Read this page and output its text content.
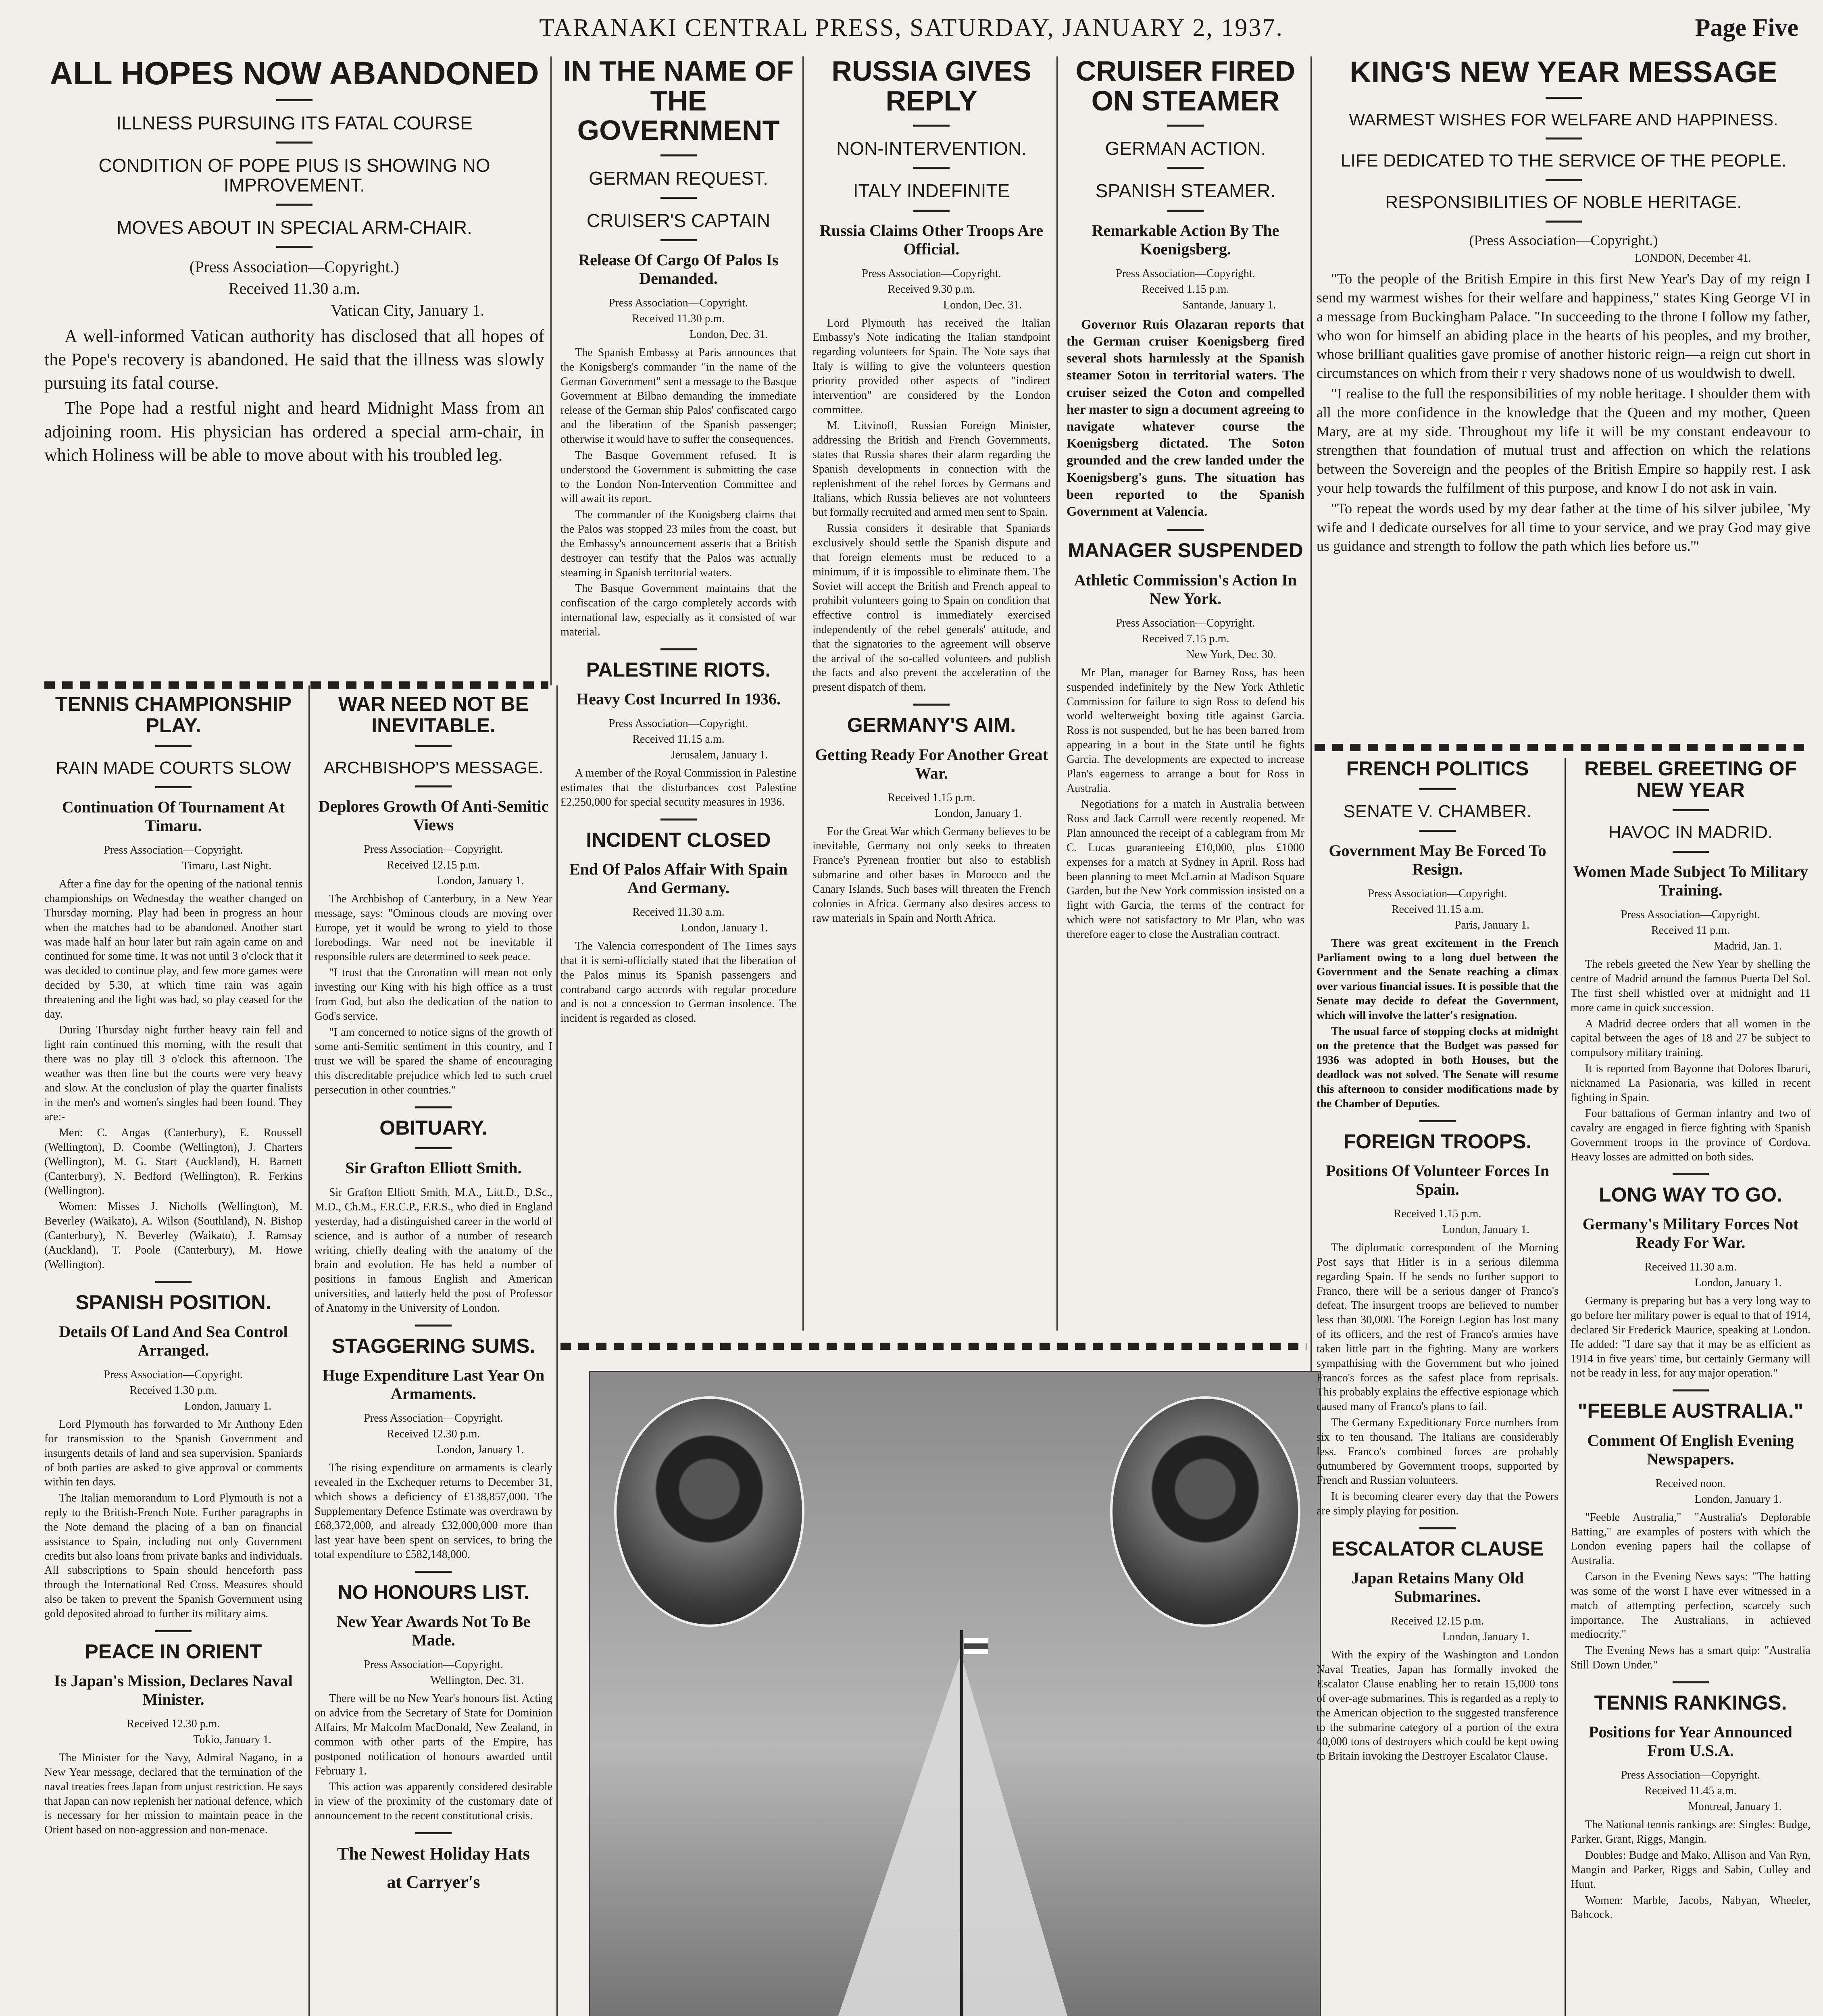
TARANAKI CENTRAL PRESS, SATURDAY, JANUARY 2, 1937.	Page Five
ALL HOPES NOW ABANDONED
ILLNESS PURSUING ITS FATAL COURSE
CONDITION OF POPE PIUS IS SHOWING NO IMPROVEMENT.
MOVES ABOUT IN SPECIAL ARM-CHAIR.
(Press Association—Copyright.)
Received 11.30 a.m.
Vatican City, January 1.

A well-informed Vatican authority has disclosed that all hopes of the Pope's recovery is abandoned. He said that the illness was slowly pursuing its fatal course.

The Pope had a restful night and heard Midnight Mass from an adjoining room. His physician has ordered a special arm-chair, in which Holiness will be able to move about with his troubled leg.

IN THE NAME OF THE GOVERNMENT
GERMAN REQUEST.
CRUISER'S CAPTAIN
Release Of Cargo Of Palos Is Demanded.
Press Association—Copyright.
Received 11.30 p.m.
London, Dec. 31.

The Spanish Embassy at Paris announces that the Konigsberg's commander "in the name of the German Government" sent a message to the Basque Government at Bilbao demanding the immediate release of the German ship Palos' confiscated cargo and the liberation of the Spanish passenger; otherwise it would have to suffer the consequences.

The Basque Government refused. It is understood the Government is submitting the case to the London Non-Intervention Committee and will await its report.

The commander of the Konigsberg claims that the Palos was stopped 23 miles from the coast, but the Embassy's announcement asserts that a British destroyer can testify that the Palos was actually steaming in Spanish territorial waters.

The Basque Government maintains that the confiscation of the cargo completely accords with international law, especially as it consisted of war material.

PALESTINE RIOTS.
Heavy Cost Incurred In 1936.
Press Association—Copyright.
Received 11.15 a.m.
Jerusalem, January 1.

A member of the Royal Commission in Palestine estimates that the disturbances cost Palestine £2,250,000 for special security measures in 1936.

INCIDENT CLOSED
End Of Palos Affair With Spain And Germany.
Received 11.30 a.m.
London, January 1.

The Valencia correspondent of The Times says that it is semi-officially stated that the liberation of the Palos minus its Spanish passengers and contraband cargo accords with regular procedure and is not a concession to German insolence. The incident is regarded as closed.

RUSSIA GIVES REPLY
NON-INTERVENTION.
ITALY INDEFINITE
Russia Claims Other Troops Are Official.
Press Association—Copyright.
Received 9.30 p.m.
London, Dec. 31.

Lord Plymouth has received the Italian Embassy's Note indicating the Italian standpoint regarding volunteers for Spain. The Note says that Italy is willing to give the volunteers question priority provided other aspects of "indirect intervention" are considered by the London committee.

M. Litvinoff, Russian Foreign Minister, addressing the British and French Governments, states that Russia shares their alarm regarding the Spanish developments in connection with the replenishment of the rebel forces by Germans and Italians, which Russia believes are not volunteers but formally recruited and armed men sent to Spain.

Russia considers it desirable that Spaniards exclusively should settle the Spanish dispute and that foreign elements must be reduced to a minimum, if it is impossible to eliminate them. The Soviet will accept the British and French appeal to prohibit volunteers going to Spain on condition that effective control is immediately exercised independently of the rebel generals' attitude, and that the signatories to the agreement will observe the arrival of the so-called volunteers and publish the facts and also prevent the acceleration of the present dispatch of them.

GERMANY'S AIM.
Getting Ready For Another Great War.
Received 1.15 p.m.
London, January 1.

For the Great War which Germany believes to be inevitable, Germany not only seeks to threaten France's Pyrenean frontier but also to establish submarine and other bases in Morocco and the Canary Islands. Such bases will threaten the French colonies in Africa. Germany also desires access to raw materials in Spain and North Africa.

CRUISER FIRED ON STEAMER
GERMAN ACTION.
SPANISH STEAMER.
Remarkable Action By The Koenigsberg.
Press Association—Copyright.
Received 1.15 p.m.
Santande, January 1.

Governor Ruis Olazaran reports that the German cruiser Koenigsberg fired several shots harmlessly at the Spanish steamer Soton in territorial waters. The cruiser seized the Coton and compelled her master to sign a document agreeing to navigate whatever course the Koenigsberg dictated. The Soton grounded and the crew landed under the Koenigsberg's guns. The situation has been reported to the Spanish Government at Valencia.

MANAGER SUSPENDED
Athletic Commission's Action In New York.
Press Association—Copyright.
Received 7.15 p.m.
New York, Dec. 30.

Mr Plan, manager for Barney Ross, has been suspended indefinitely by the New York Athletic Commission for failure to sign Ross to defend his world welterweight boxing title against Garcia. Ross is not suspended, but he has been barred from appearing in a bout in the State until he fights Garcia. The developments are expected to increase Plan's eagerness to arrange a bout for Ross in Australia.

Negotiations for a match in Australia between Ross and Jack Carroll were recently reopened. Mr Plan announced the receipt of a cablegram from Mr C. Lucas guaranteeing £10,000, plus £1000 expenses for a match at Sydney in April. Ross had been planning to meet McLarnin at Madison Square Garden, but the New York commission insisted on a fight with Garcia, the terms of the contract for which were not satisfactory to Mr Plan, who was therefore eager to close the Australian contract.

KING'S NEW YEAR MESSAGE
WARMEST WISHES FOR WELFARE AND HAPPINESS.
LIFE DEDICATED TO THE SERVICE OF THE PEOPLE.
RESPONSIBILITIES OF NOBLE HERITAGE.
(Press Association—Copyright.)
LONDON, December 41.

"To the people of the British Empire in this first New Year's Day of my reign I send my warmest wishes for their welfare and happiness," states King George VI in a message from Buckingham Palace. "In succeeding to the throne I follow my father, who won for himself an abiding place in the hearts of his peoples, and my brother, whose brilliant qualities gave promise of another historic reign—a reign cut short in circumstances on which from their r very shadows none of us wouldwish to dwell.

"I realise to the full the responsibilities of my noble heritage. I shoulder them with all the more confidence in the knowledge that the Queen and my mother, Queen Mary, are at my side. Throughout my life it will be my constant endeavour to strengthen that foundation of mutual trust and affection on which the relations between the Sovereign and the peoples of the British Empire so happily rest. I ask your help towards the fulfilment of this purpose, and know I do not ask in vain.

"To repeat the words used by my dear father at the time of his silver jubilee, 'My wife and I dedicate ourselves for all time to your service, and we pray God may give us guidance and strength to follow the path which lies before us.'"

TENNIS CHAMPIONSHIP PLAY.
RAIN MADE COURTS SLOW
Continuation Of Tournament At Timaru.
Press Association—Copyright.
Timaru, Last Night.

After a fine day for the opening of the national tennis championships on Wednesday the weather changed on Thursday morning. Play had been in progress an hour when the matches had to be abandoned. Another start was made half an hour later but rain again came on and continued for some time. It was not until 3 o'clock that it was decided to continue play, and few more games were decided by 5.30, at which time rain was again threatening and the light was bad, so play ceased for the day.

During Thursday night further heavy rain fell and light rain continued this morning, with the result that there was no play till 3 o'clock this afternoon. The weather was then fine but the courts were very heavy and slow. At the conclusion of play the quarter finalists in the men's and women's singles had been found. They are:-

Men: C. Angas (Canterbury), E. Roussell (Wellington), D. Coombe (Wellington), J. Charters (Wellington), M. G. Start (Auckland), H. Barnett (Canterbury), N. Bedford (Wellington), R. Ferkins (Wellington).

Women: Misses J. Nicholls (Wellington), M. Beverley (Waikato), A. Wilson (Southland), N. Bishop (Canterbury), N. Beverley (Waikato), J. Ramsay (Auckland), T. Poole (Canterbury), M. Howe (Wellington).

SPANISH POSITION.
Details Of Land And Sea Control Arranged.
Press Association—Copyright.
Received 1.30 p.m.
London, January 1.

Lord Plymouth has forwarded to Mr Anthony Eden for transmission to the Spanish Government and insurgents details of land and sea supervision. Spaniards of both parties are asked to give approval or comments within ten days.

The Italian memorandum to Lord Plymouth is not a reply to the British-French Note. Further paragraphs in the Note demand the placing of a ban on financial assistance to Spain, including not only Government credits but also loans from private banks and individuals. All subscriptions to Spain should henceforth pass through the International Red Cross. Measures should also be taken to prevent the Spanish Government using gold deposited abroad to further its military aims.

PEACE IN ORIENT
Is Japan's Mission, Declares Naval Minister.
Received 12.30 p.m.
Tokio, January 1.

The Minister for the Navy, Admiral Nagano, in a New Year message, declared that the termination of the naval treaties frees Japan from unjust restriction. He says that Japan can now replenish her national defence, which is necessary for her mission to maintain peace in the Orient based on non-aggression and non-menace.

WAR NEED NOT BE INEVITABLE.
ARCHBISHOP'S MESSAGE.
Deplores Growth Of Anti-Semitic Views
Press Association—Copyright.
Received 12.15 p.m.
London, January 1.

The Archbishop of Canterbury, in a New Year message, says: "Ominous clouds are moving over Europe, yet it would be wrong to yield to those forebodings. War need not be inevitable if responsible rulers are determined to seek peace.

"I trust that the Coronation will mean not only investing our King with his high office as a trust from God, but also the dedication of the nation to God's service.

"I am concerned to notice signs of the growth of some anti-Semitic sentiment in this country, and I trust we will be spared the shame of encouraging this discreditable prejudice which led to such cruel persecution in other countries."

OBITUARY.
Sir Grafton Elliott Smith.

Sir Grafton Elliott Smith, M.A., Litt.D., D.Sc., M.D., Ch.M., F.R.C.P., F.R.S., who died in England yesterday, had a distinguished career in the world of science, and is author of a number of research writing, chiefly dealing with the anatomy of the brain and evolution. He has held a number of positions in famous English and American universities, and latterly held the post of Professor of Anatomy in the University of London.

STAGGERING SUMS.
Huge Expenditure Last Year On Armaments.
Press Association—Copyright.
Received 12.30 p.m.
London, January 1.

The rising expenditure on armaments is clearly revealed in the Exchequer returns to December 31, which shows a deficiency of £138,857,000. The Supplementary Defence Estimate was overdrawn by £68,372,000, and already £32,000,000 more than last year have been spent on services, to bring the total expenditure to £582,148,000.

NO HONOURS LIST.
New Year Awards Not To Be Made.
Press Association—Copyright.
Wellington, Dec. 31.

There will be no New Year's honours list. Acting on advice from the Secretary of State for Dominion Affairs, Mr Malcolm MacDonald, New Zealand, in common with other parts of the Empire, has postponed notification of honours awarded until February 1.

This action was apparently considered desirable in view of the proximity of the customary date of announcement to the recent constitutional crisis.

The Newest Holiday Hats
at Carryer's
FRENCH POLITICS
SENATE V. CHAMBER.
Government May Be Forced To Resign.
Press Association—Copyright.
Received 11.15 a.m.
Paris, January 1.

There was great excitement in the French Parliament owing to a long duel between the Government and the Senate reaching a climax over various financial issues. It is possible that the Senate may decide to defeat the Government, which will involve the latter's resignation.

The usual farce of stopping clocks at midnight on the pretence that the Budget was passed for 1936 was adopted in both Houses, but the deadlock was not solved. The Senate will resume this afternoon to consider modifications made by the Chamber of Deputies.

FOREIGN TROOPS.
Positions Of Volunteer Forces In Spain.
Received 1.15 p.m.
London, January 1.

The diplomatic correspondent of the Morning Post says that Hitler is in a serious dilemma regarding Spain. If he sends no further support to Franco, there will be a serious danger of Franco's defeat. The insurgent troops are believed to number less than 30,000. The Foreign Legion has lost many of its officers, and the rest of Franco's armies have taken little part in the fighting. Many are workers sympathising with the Government but who joined Franco's forces as the safest place from reprisals. This probably explains the effective espionage which caused many of Franco's plans to fail.

The Germany Expeditionary Force numbers from six to ten thousand. The Italians are considerably less. Franco's combined forces are probably outnumbered by Government troops, supported by French and Russian volunteers.

It is becoming clearer every day that the Powers are simply playing for position.

ESCALATOR CLAUSE
Japan Retains Many Old Submarines.
Received 12.15 p.m.
London, January 1.

With the expiry of the Washington and London Naval Treaties, Japan has formally invoked the Escalator Clause enabling her to retain 15,000 tons of over-age submarines. This is regarded as a reply to the American objection to the suggested transference to the submarine category of a portion of the extra 40,000 tons of destroyers which could be kept owing to Britain invoking the Destroyer Escalator Clause.

REBEL GREETING OF NEW YEAR
HAVOC IN MADRID.
Women Made Subject To Military Training.
Press Association—Copyright.
Received 11 p.m.
Madrid, Jan. 1.

The rebels greeted the New Year by shelling the centre of Madrid around the famous Puerta Del Sol. The first shell whistled over at midnight and 11 more came in quick succession.

A Madrid decree orders that all women in the capital between the ages of 18 and 27 be subject to compulsory military training.

It is reported from Bayonne that Dolores Ibaruri, nicknamed La Pasionaria, was killed in recent fighting in Spain.

Four battalions of German infantry and two of cavalry are engaged in fierce fighting with Spanish Government troops in the province of Cordova. Heavy losses are admitted on both sides.

LONG WAY TO GO.
Germany's Military Forces Not Ready For War.
Received 11.30 a.m.
London, January 1.

Germany is preparing but has a very long way to go before her military power is equal to that of 1914, declared Sir Frederick Maurice, speaking at London. He added: "I dare say that it may be as efficient as 1914 in five years' time, but certainly Germany will not be ready in less, for any major operation."

"FEEBLE AUSTRALIA."
Comment Of English Evening Newspapers.
Received noon.
London, January 1.

"Feeble Australia," "Australia's Deplorable Batting," are examples of posters with which the London evening papers hail the collapse of Australia.

Carson in the Evening News says: "The batting was some of the worst I have ever witnessed in a match of attempting perfection, scarcely such importance. The Australians, in achieved mediocrity."

The Evening News has a smart quip: "Australia Still Down Under."

TENNIS RANKINGS.
Positions for Year Announced From U.S.A.
Press Association—Copyright.
Received 11.45 a.m.
Montreal, January 1.

The National tennis rankings are: Singles: Budge, Parker, Grant, Riggs, Mangin.

Doubles: Budge and Mako, Allison and Van Ryn, Mangin and Parker, Riggs and Sabin, Culley and Hunt.

Women: Marble, Jacobs, Nabyan, Wheeler, Babcock.
